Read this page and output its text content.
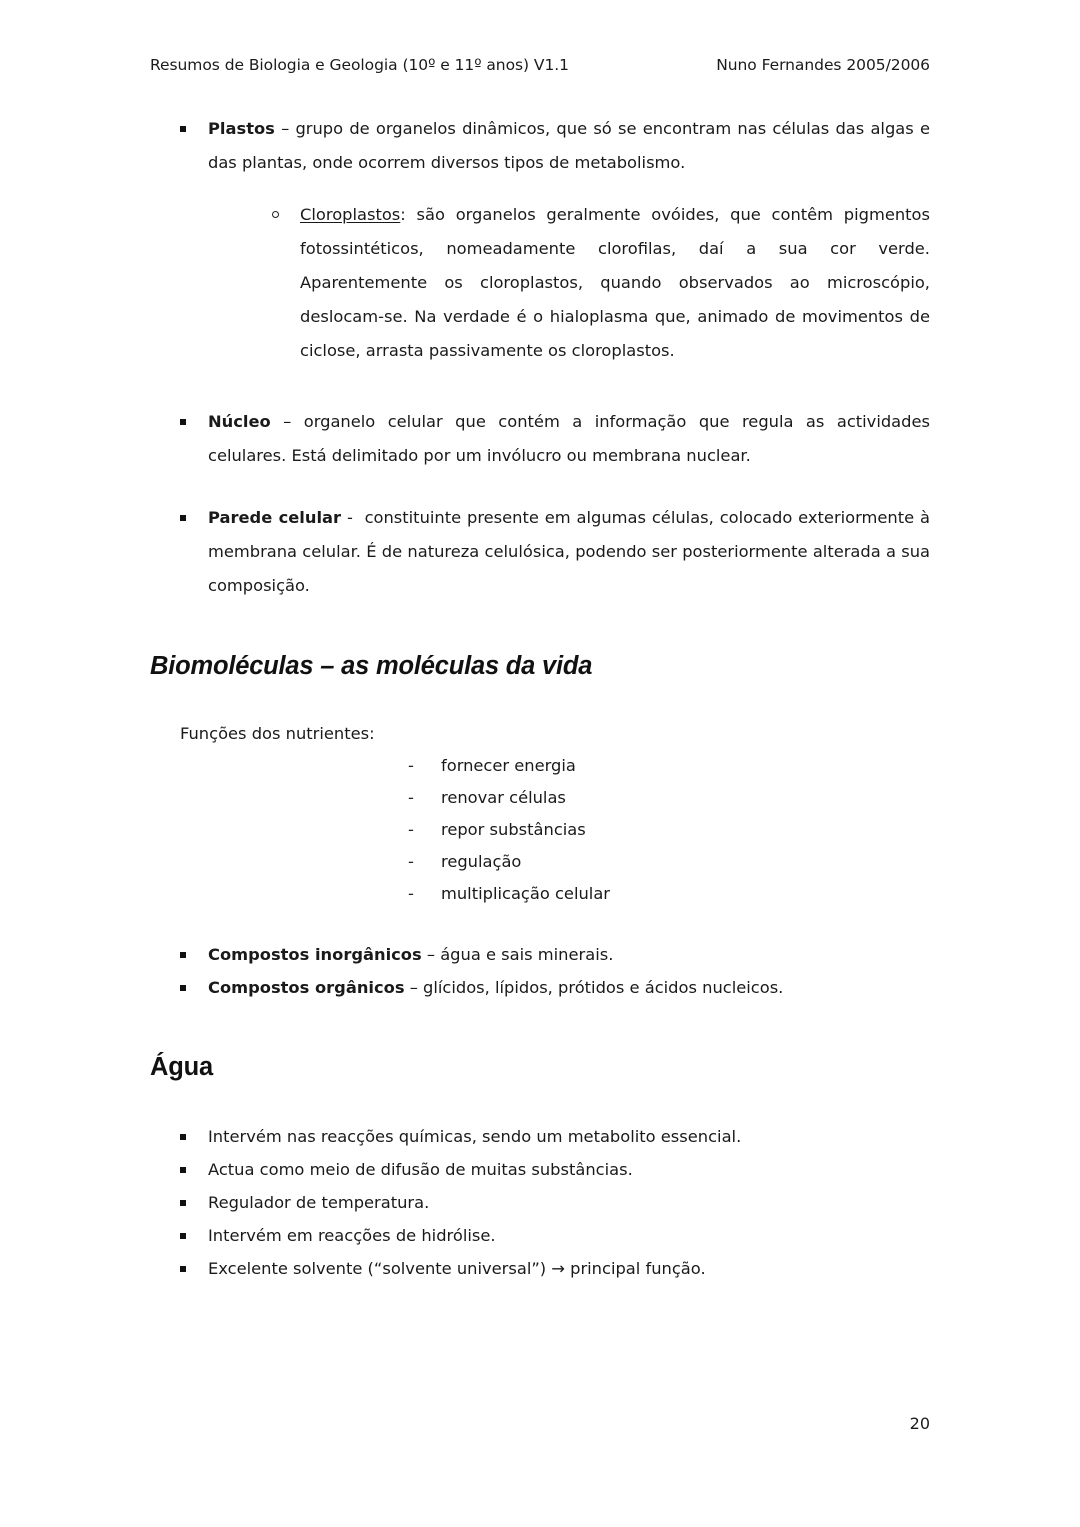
Resumos de Biologia e Geologia (10º e 11º anos) V1.1	Nuno Fernandes 2005/2006
Plastos – grupo de organelos dinâmicos, que só se encontram nas células das algas e das plantas, onde ocorrem diversos tipos de metabolismo.
Cloroplastos: são organelos geralmente ovóides, que contêm pigmentos fotossintéticos, nomeadamente clorofilas, daí a sua cor verde. Aparentemente os cloroplastos, quando observados ao microscópio, deslocam-se. Na verdade é o hialoplasma que, animado de movimentos de ciclose, arrasta passivamente os cloroplastos.
Núcleo – organelo celular que contém a informação que regula as actividades celulares. Está delimitado por um invólucro ou membrana nuclear.
Parede celular -  constituinte presente em algumas células, colocado exteriormente à membrana celular. É de natureza celulósica, podendo ser posteriormente alterada a sua composição.
Biomoléculas – as moléculas da vida
Funções dos nutrientes:
- fornecer energia
- renovar células
- repor substâncias
- regulação
- multiplicação celular
Compostos inorgânicos – água e sais minerais.
Compostos orgânicos – glícidos, lípidos, prótidos e ácidos nucleicos.
Água
Intervém nas reacções químicas, sendo um metabolito essencial.
Actua como meio de difusão de muitas substâncias.
Regulador de temperatura.
Intervém em reacções de hidrólise.
Excelente solvente (“solvente universal”) → principal função.
20
